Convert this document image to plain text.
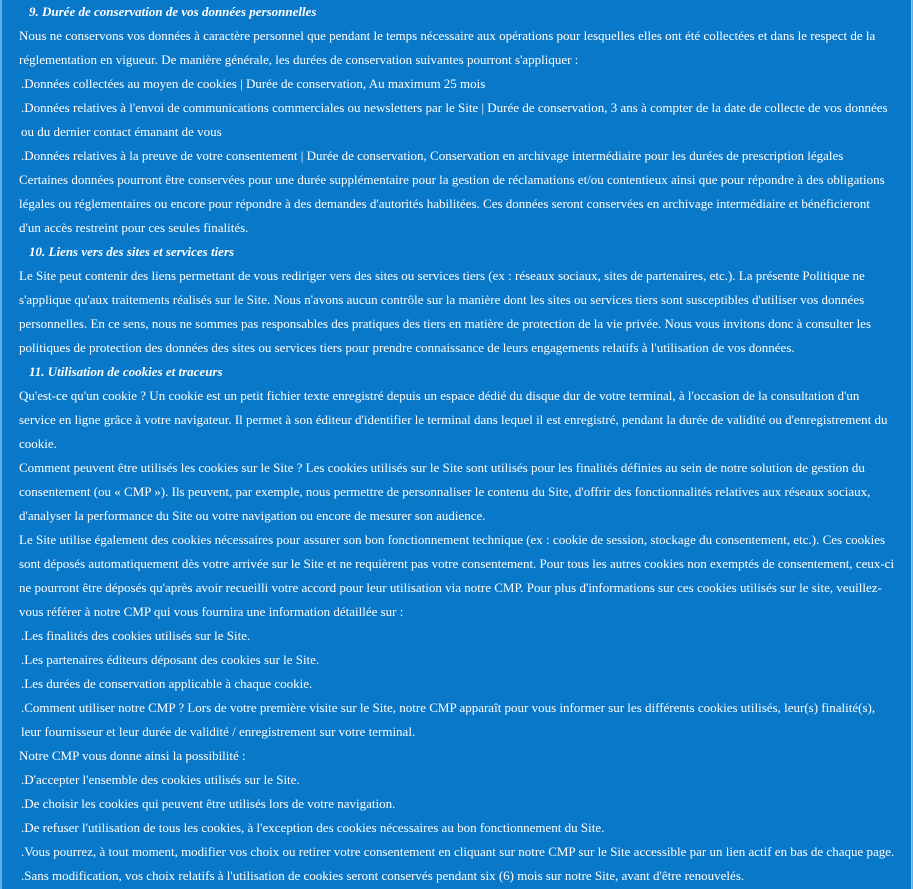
9. Durée de conservation de vos données personnelles

Nous ne conservons vos données à caractère personnel que pendant le temps nécessaire aux opérations pour lesquelles elles ont été collectées et dans le respect de la réglementation en vigueur. De manière générale, les durées de conservation suivantes pourront s'appliquer :

.Données collectées au moyen de cookies | Durée de conservation, Au maximum 25 mois

.Données relatives à l'envoi de communications commerciales ou newsletters par le Site | Durée de conservation, 3 ans à compter de la date de collecte de vos données ou du dernier contact émanant de vous

.Données relatives à la preuve de votre consentement | Durée de conservation, Conservation en archivage intermédiaire pour les durées de prescription légales

Certaines données pourront être conservées pour une durée supplémentaire pour la gestion de réclamations et/ou contentieux ainsi que pour répondre à des obligations légales ou réglementaires ou encore pour répondre à des demandes d'autorités habilitées. Ces données seront conservées en archivage intermédiaire et bénéficieront d'un accès restreint pour ces seules finalités.

10. Liens vers des sites et services tiers

Le Site peut contenir des liens permettant de vous rediriger vers des sites ou services tiers (ex : réseaux sociaux, sites de partenaires, etc.). La présente Politique ne s'applique qu'aux traitements réalisés sur le Site. Nous n'avons aucun contrôle sur la manière dont les sites ou services tiers sont susceptibles d'utiliser vos données personnelles. En ce sens, nous ne sommes pas responsables des pratiques des tiers en matière de protection de la vie privée. Nous vous invitons donc à consulter les politiques de protection des données des sites ou services tiers pour prendre connaissance de leurs engagements relatifs à l'utilisation de vos données.

11. Utilisation de cookies et traceurs

Qu'est-ce qu'un cookie ? Un cookie est un petit fichier texte enregistré depuis un espace dédié du disque dur de votre terminal, à l'occasion de la consultation d'un service en ligne grâce à votre navigateur. Il permet à son éditeur d'identifier le terminal dans lequel il est enregistré, pendant la durée de validité ou d'enregistrement du cookie.

Comment peuvent être utilisés les cookies sur le Site ? Les cookies utilisés sur le Site sont utilisés pour les finalités définies au sein de notre solution de gestion du consentement (ou « CMP »). Ils peuvent, par exemple, nous permettre de personnaliser le contenu du Site, d'offrir des fonctionnalités relatives aux réseaux sociaux, d'analyser la performance du Site ou votre navigation ou encore de mesurer son audience.

Le Site utilise également des cookies nécessaires pour assurer son bon fonctionnement technique (ex : cookie de session, stockage du consentement, etc.). Ces cookies sont déposés automatiquement dès votre arrivée sur le Site et ne requièrent pas votre consentement. Pour tous les autres cookies non exemptés de consentement, ceux-ci ne pourront être déposés qu'après avoir recueilli votre accord pour leur utilisation via notre CMP. Pour plus d'informations sur ces cookies utilisés sur le site, veuillez-vous référer à notre CMP qui vous fournira une information détaillée sur :

.Les finalités des cookies utilisés sur le Site.

.Les partenaires éditeurs déposant des cookies sur le Site.

.Les durées de conservation applicable à chaque cookie.

.Comment utiliser notre CMP ? Lors de votre première visite sur le Site, notre CMP apparaît pour vous informer sur les différents cookies utilisés, leur(s) finalité(s), leur fournisseur et leur durée de validité / enregistrement sur votre terminal.

Notre CMP vous donne ainsi la possibilité :

.D'accepter l'ensemble des cookies utilisés sur le Site.

.De choisir les cookies qui peuvent être utilisés lors de votre navigation.

.De refuser l'utilisation de tous les cookies, à l'exception des cookies nécessaires au bon fonctionnement du Site.

.Vous pourrez, à tout moment, modifier vos choix ou retirer votre consentement en cliquant sur notre CMP sur le Site accessible par un lien actif en bas de chaque page.

.Sans modification, vos choix relatifs à l'utilisation de cookies seront conservés pendant six (6) mois sur notre Site, avant d'être renouvelés.
